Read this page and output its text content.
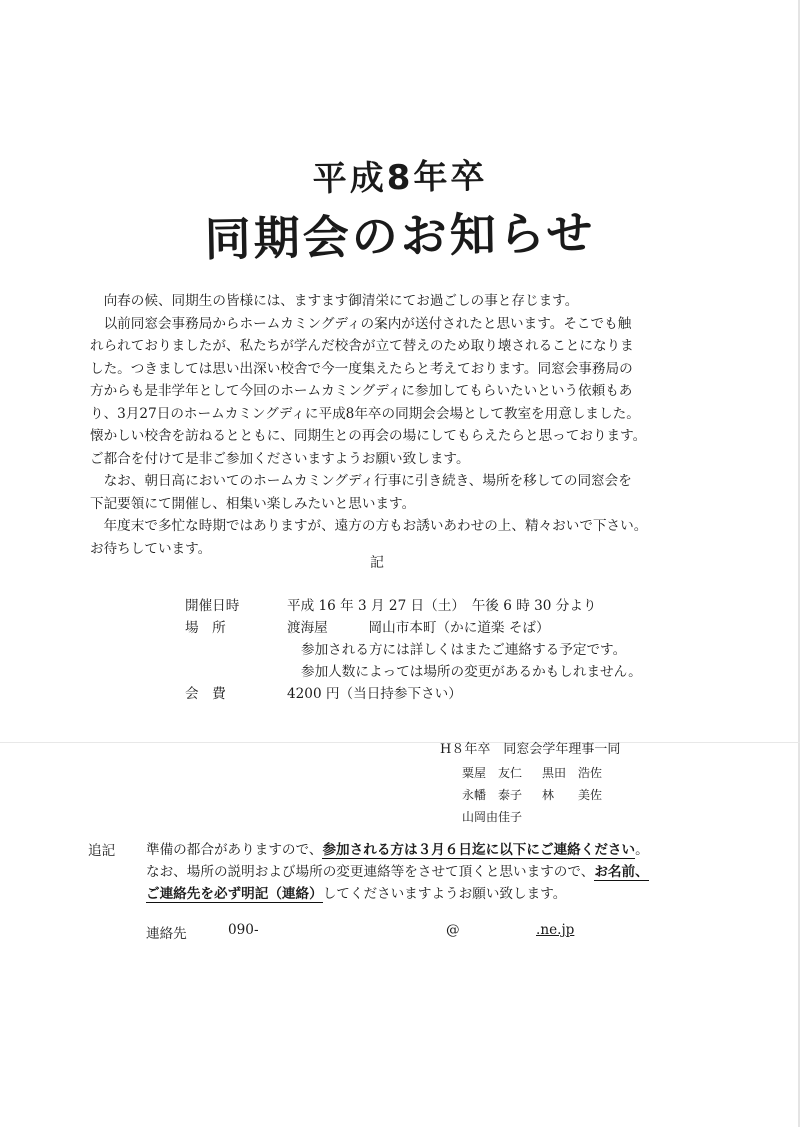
平成8年卒
同期会のお知らせ

　向春の候、同期生の皆様には、ますます御清栄にてお過ごしの事と存じます。

　以前同窓会事務局からホームカミングディの案内が送付されたと思います。そこでも触

れられておりましたが、私たちが学んだ校舎が立て替えのため取り壊されることになりま

した。つきましては思い出深い校舎で今一度集えたらと考えております。同窓会事務局の

方からも是非学年として今回のホームカミングディに参加してもらいたいという依頼もあ

り、3月27日のホームカミングディに平成8年卒の同期会会場として教室を用意しました。

懐かしい校舎を訪ねるとともに、同期生との再会の場にしてもらえたらと思っております。

ご都合を付けて是非ご参加くださいますようお願い致します。

　なお、朝日高においてのホームカミングディ行事に引き続き、場所を移しての同窓会を

下記要領にて開催し、相集い楽しみたいと思います。

　年度末で多忙な時期ではありますが、遠方の方もお誘いあわせの上、精々おいで下さい。

お待ちしています。

記
開催日時	平成 16 年 3 月 27 日（土）　午後 6 時 30 分より
場　所	渡海屋　　　岡山市本町（かに道楽 そば）
参加される方には詳しくはまたご連絡する予定です。
参加人数によっては場所の変更があるかもしれません。
会　費	4200 円（当日持参下さい）
H８年卒　同窓会学年理事一同
粟屋　友仁 黒田　浩佐
永幡　泰子 林　　美佐
山岡由佳子
追記 準備の都合がありますので、参加される方は３月６日迄に以下にご連絡ください。

なお、場所の説明および場所の変更連絡等をさせて頂くと思いますので、お名前、

ご連絡先を必ず明記（連絡）してくださいますようお願い致します。

連絡先	090-	@	.ne.jp
